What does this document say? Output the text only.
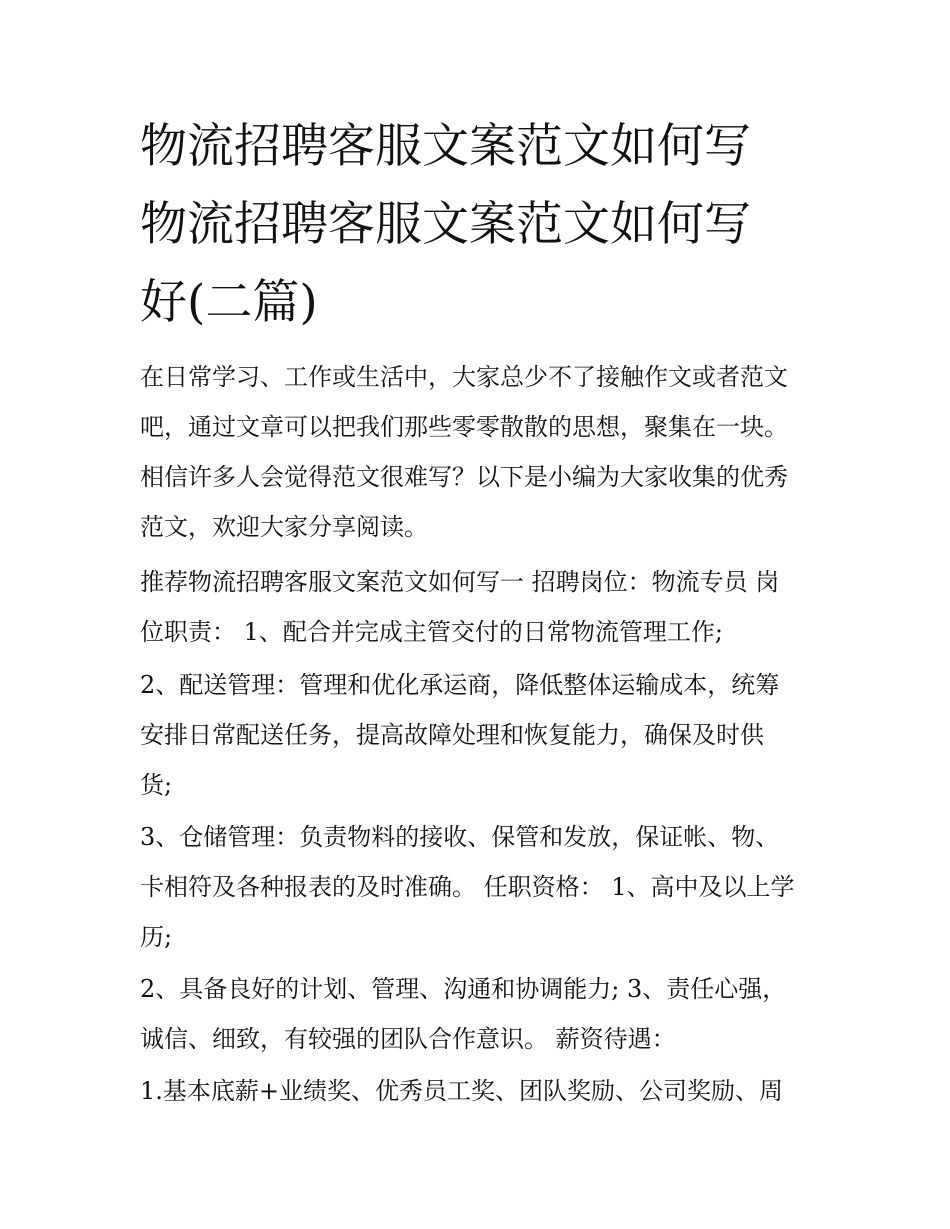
物流招聘客服文案范文如何写
物流招聘客服文案范文如何写
好(二篇)

在日常学习、工作或生活中，大家总少不了接触作文或者范文

吧，通过文章可以把我们那些零零散散的思想，聚集在一块。

相信许多人会觉得范文很难写？以下是小编为大家收集的优秀

范文，欢迎大家分享阅读。

推荐物流招聘客服文案范文如何写一 招聘岗位：物流专员 岗

位职责： 1、配合并完成主管交付的日常物流管理工作;

2、配送管理：管理和优化承运商，降低整体运输成本，统筹

安排日常配送任务，提高故障处理和恢复能力，确保及时供

货;

3、仓储管理：负责物料的接收、保管和发放，保证帐、物、

卡相符及各种报表的及时准确。 任职资格： 1、高中及以上学

历;

2、具备良好的计划、管理、沟通和协调能力; 3、责任心强，

诚信、细致，有较强的团队合作意识。 薪资待遇：

1.基本底薪+业绩奖、优秀员工奖、团队奖励、公司奖励、周
